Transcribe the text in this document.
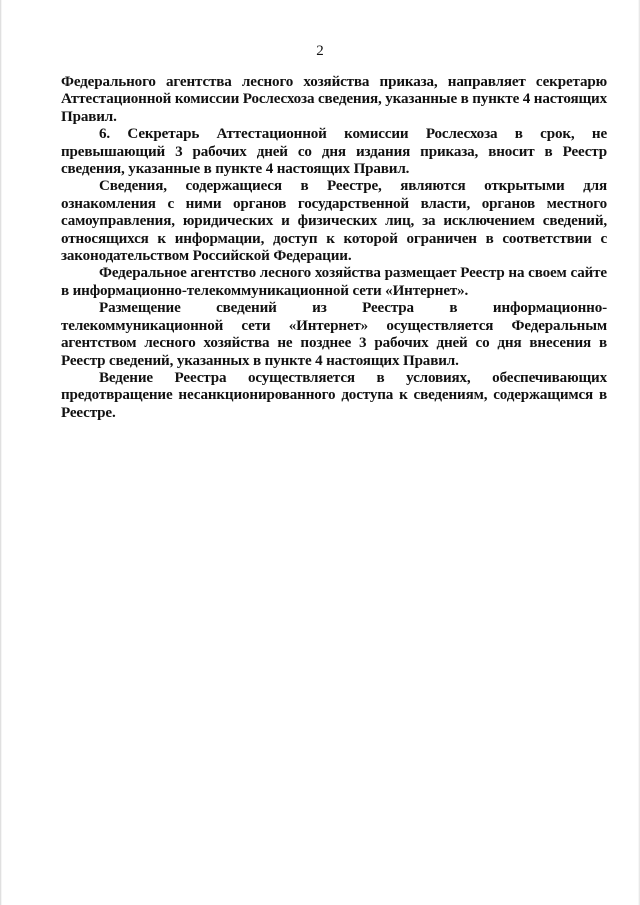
2

Федерального агентства лесного хозяйства приказа, направляет секретарю Аттестационной комиссии Рослесхоза сведения, указанные в пункте 4 настоящих Правил.

6. Секретарь Аттестационной комиссии Рослесхоза в срок, не превышающий 3 рабочих дней со дня издания приказа, вносит в Реестр сведения, указанные в пункте 4 настоящих Правил.

Сведения, содержащиеся в Реестре, являются открытыми для ознакомления с ними органов государственной власти, органов местного самоуправления, юридических и физических лиц, за исключением сведений, относящихся к информации, доступ к которой ограничен в соответствии с законодательством Российской Федерации.

Федеральное агентство лесного хозяйства размещает Реестр на своем сайте в информационно-телекоммуникационной сети «Интернет».

Размещение сведений из Реестра в информационно-телекоммуникационной сети «Интернет» осуществляется Федеральным агентством лесного хозяйства не позднее 3 рабочих дней со дня внесения в Реестр сведений, указанных в пункте 4 настоящих Правил.

Ведение Реестра осуществляется в условиях, обеспечивающих предотвращение несанкционированного доступа к сведениям, содержащимся в Реестре.
